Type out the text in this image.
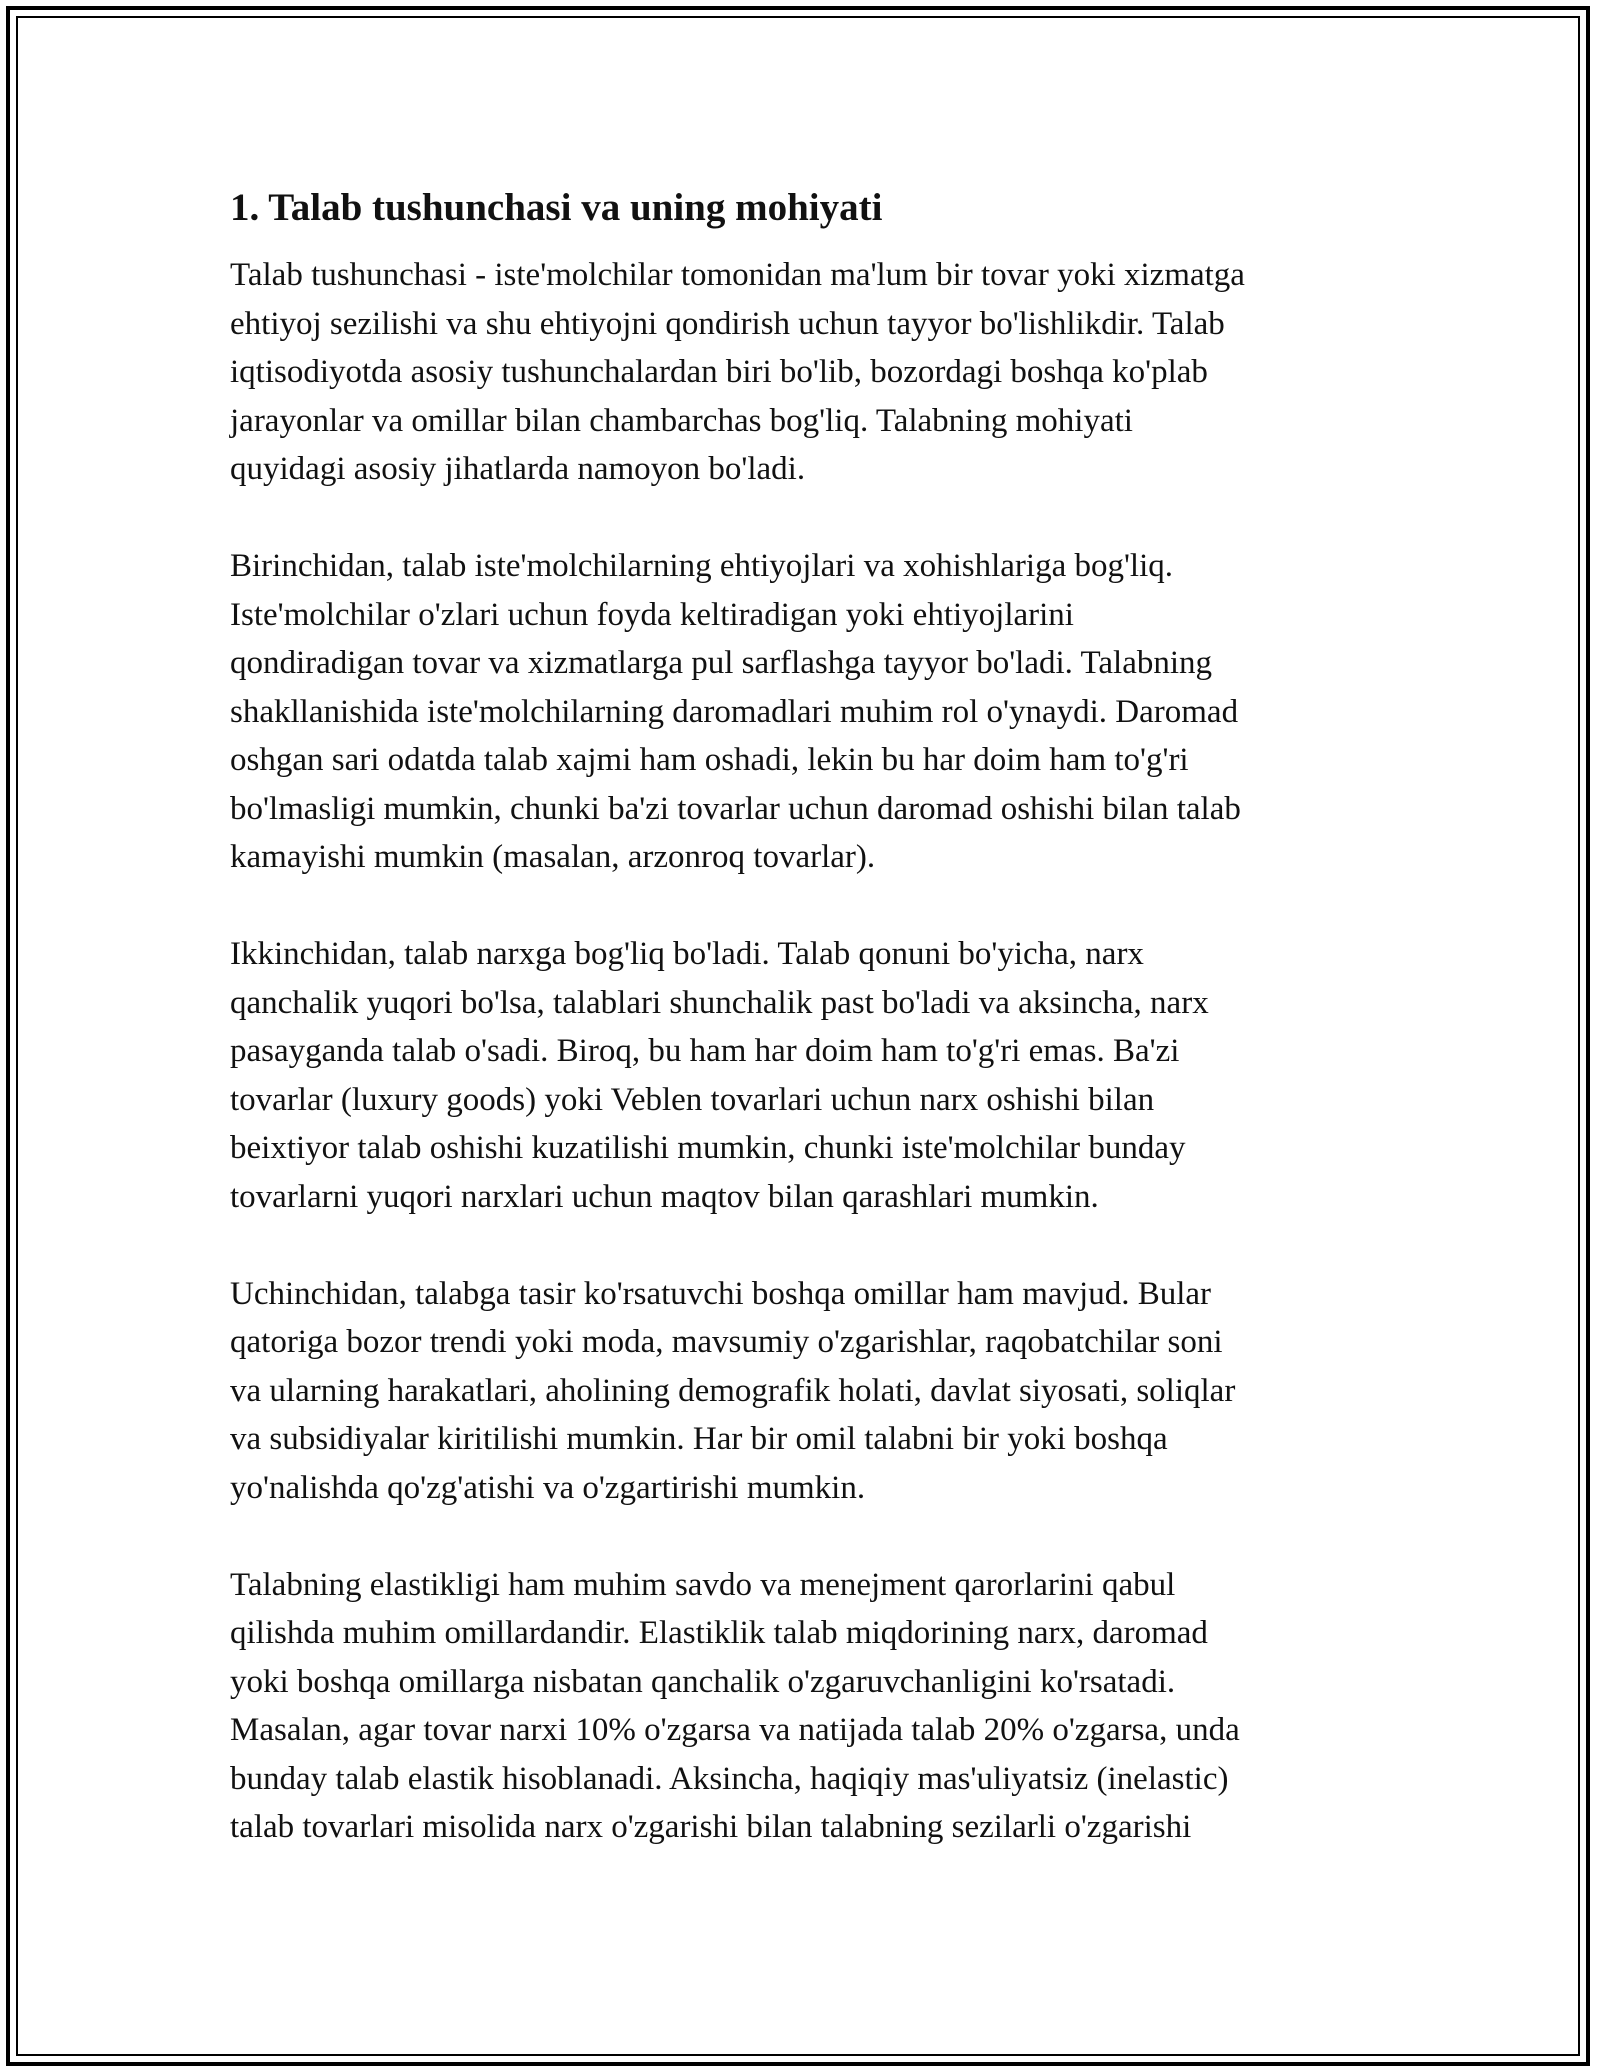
1. Talab tushunchasi va uning mohiyati

Talab tushunchasi - iste'molchilar tomonidan ma'lum bir tovar yoki xizmatga
ehtiyoj sezilishi va shu ehtiyojni qondirish uchun tayyor bo'lishlikdir. Talab
iqtisodiyotda asosiy tushunchalardan biri bo'lib, bozordagi boshqa ko'plab
jarayonlar va omillar bilan chambarchas bog'liq. Talabning mohiyati
quyidagi asosiy jihatlarda namoyon bo'ladi.

Birinchidan, talab iste'molchilarning ehtiyojlari va xohishlariga bog'liq.
Iste'molchilar o'zlari uchun foyda keltiradigan yoki ehtiyojlarini
qondiradigan tovar va xizmatlarga pul sarflashga tayyor bo'ladi. Talabning
shakllanishida iste'molchilarning daromadlari muhim rol o'ynaydi. Daromad
oshgan sari odatda talab xajmi ham oshadi, lekin bu har doim ham to'g'ri
bo'lmasligi mumkin, chunki ba'zi tovarlar uchun daromad oshishi bilan talab
kamayishi mumkin (masalan, arzonroq tovarlar).

Ikkinchidan, talab narxga bog'liq bo'ladi. Talab qonuni bo'yicha, narx
qanchalik yuqori bo'lsa, talablari shunchalik past bo'ladi va aksincha, narx
pasayganda talab o'sadi. Biroq, bu ham har doim ham to'g'ri emas. Ba'zi
tovarlar (luxury goods) yoki Veblen tovarlari uchun narx oshishi bilan
beixtiyor talab oshishi kuzatilishi mumkin, chunki iste'molchilar bunday
tovarlarni yuqori narxlari uchun maqtov bilan qarashlari mumkin.

Uchinchidan, talabga tasir ko'rsatuvchi boshqa omillar ham mavjud. Bular
qatoriga bozor trendi yoki moda, mavsumiy o'zgarishlar, raqobatchilar soni
va ularning harakatlari, aholining demografik holati, davlat siyosati, soliqlar
va subsidiyalar kiritilishi mumkin. Har bir omil talabni bir yoki boshqa
yo'nalishda qo'zg'atishi va o'zgartirishi mumkin.

Talabning elastikligi ham muhim savdo va menejment qarorlarini qabul
qilishda muhim omillardandir. Elastiklik talab miqdorining narx, daromad
yoki boshqa omillarga nisbatan qanchalik o'zgaruvchanligini ko'rsatadi.
Masalan, agar tovar narxi 10% o'zgarsa va natijada talab 20% o'zgarsa, unda
bunday talab elastik hisoblanadi. Aksincha, haqiqiy mas'uliyatsiz (inelastic)
talab tovarlari misolida narx o'zgarishi bilan talabning sezilarli o'zgarishi
